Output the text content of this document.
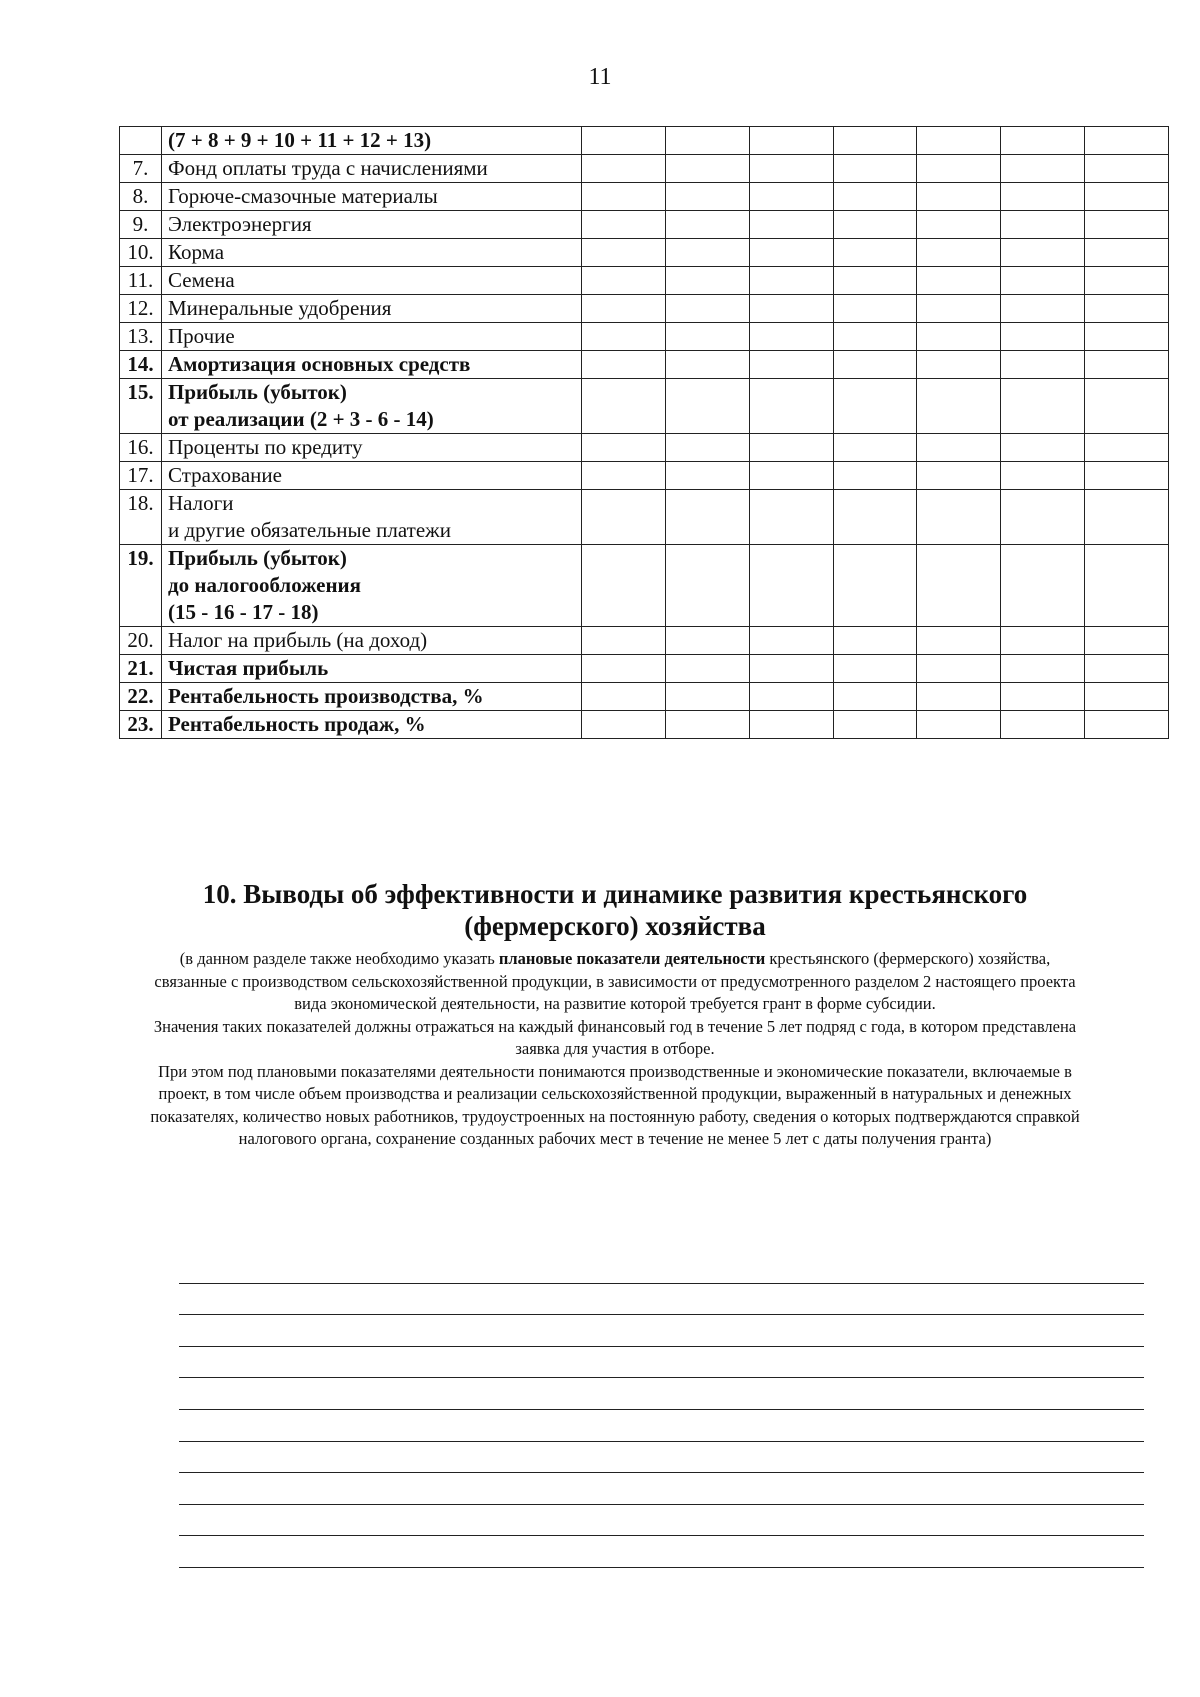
11

	(7 + 8 + 9 + 10 + 11 + 12 + 13)							

7.	Фонд оплаты труда с начислениями							

8.	Горюче-смазочные материалы							

9.	Электроэнергия							

10.	Корма							

11.	Семена							

12.	Минеральные удобрения							

13.	Прочие							

14.	Амортизация основных средств							

15.	Прибыль (убыток)
от реализации (2 + 3 - 6 - 14)							

16.	Проценты по кредиту							

17.	Страхование							

18.	Налоги
и другие обязательные платежи							

19.	Прибыль (убыток)
до налогообложения
(15 - 16 - 17 - 18)							

20.	Налог на прибыль (на доход)							

21.	Чистая прибыль							

22.	Рентабельность производства, %							

23.	Рентабельность продаж, %							

10. Выводы об эффективности и динамике развития крестьянского
(фермерского) хозяйства

(в данном разделе также необходимо указать плановые показатели деятельности крестьянского (фермерского) хозяйства, связанные с производством сельскохозяйственной продукции, в зависимости от предусмотренного разделом 2 настоящего проекта вида экономической деятельности, на развитие которой требуется грант в форме субсидии.
Значения таких показателей должны отражаться на каждый финансовый год в течение 5 лет подряд с года, в котором представлена заявка для участия в отборе.
При этом под плановыми показателями деятельности понимаются производственные и экономические показатели, включаемые в проект, в том числе объем производства и реализации сельскохозяйственной продукции, выраженный в натуральных и денежных показателях, количество новых работников, трудоустроенных на постоянную работу, сведения о которых подтверждаются справкой налогового органа, сохранение созданных рабочих мест в течение не менее 5 лет с даты получения гранта)
